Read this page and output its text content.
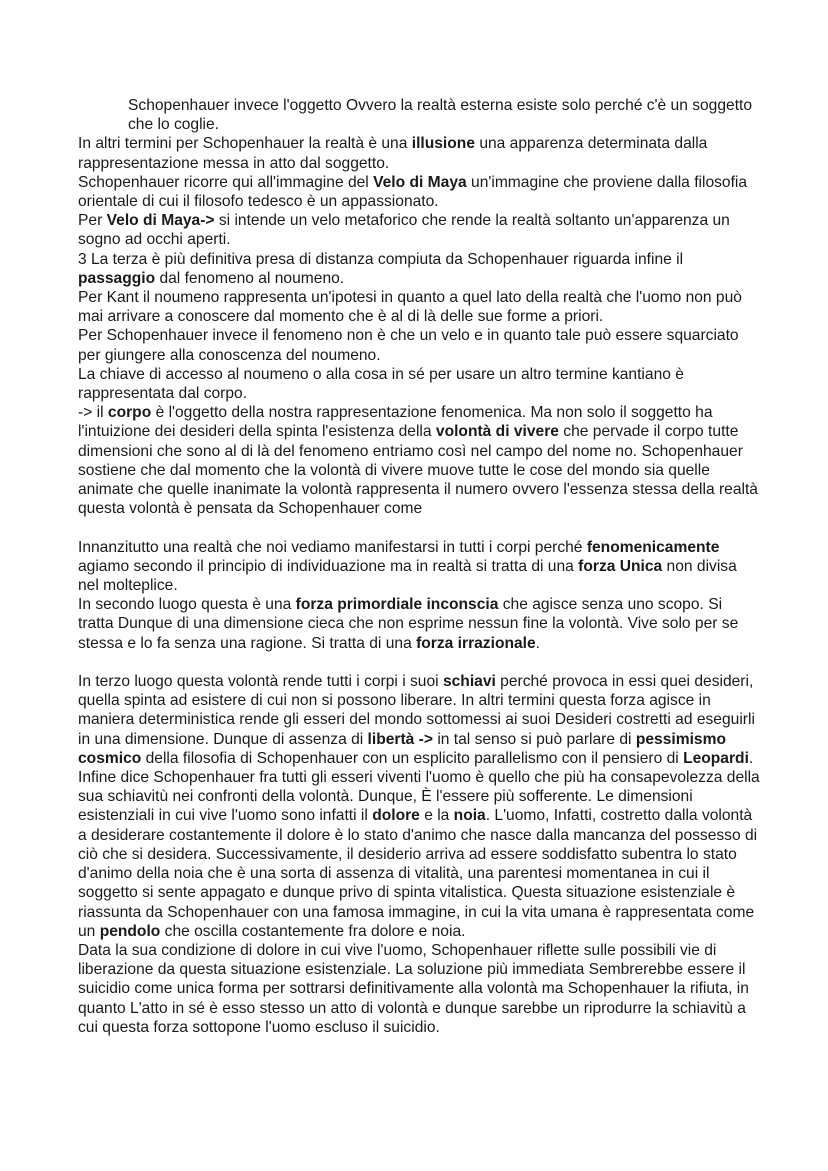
Schopenhauer invece l'oggetto Ovvero la realtà esterna esiste solo perché c'è un soggetto che lo coglie.

In altri termini per Schopenhauer la realtà è una illusione una apparenza determinata dalla rappresentazione messa in atto dal soggetto.

Schopenhauer ricorre qui all'immagine del Velo di Maya un'immagine che proviene dalla filosofia orientale di cui il filosofo tedesco è un appassionato.

Per Velo di Maya-> si intende un velo metaforico che rende la realtà soltanto un'apparenza un sogno ad occhi aperti.

3 La terza è più definitiva presa di distanza compiuta da Schopenhauer riguarda infine il passaggio dal fenomeno al noumeno.

Per Kant il noumeno rappresenta un'ipotesi in quanto a quel lato della realtà che l'uomo non può mai arrivare a conoscere dal momento che è al di là delle sue forme a priori.

Per Schopenhauer invece il fenomeno non è che un velo e in quanto tale può essere squarciato per giungere alla conoscenza del noumeno.

La chiave di accesso al noumeno o alla cosa in sé per usare un altro termine kantiano è rappresentata dal corpo.

-> il corpo è l'oggetto della nostra rappresentazione fenomenica. Ma non solo il soggetto ha l'intuizione dei desideri della spinta l'esistenza della volontà di vivere che pervade il corpo tutte dimensioni che sono al di là del fenomeno entriamo così nel campo del nome no. Schopenhauer sostiene che dal momento che la volontà di vivere muove tutte le cose del mondo sia quelle animate che quelle inanimate la volontà rappresenta il numero ovvero l'essenza stessa della realtà questa volontà è pensata da Schopenhauer come

Innanzitutto una realtà che noi vediamo manifestarsi in tutti i corpi perché fenomenicamente agiamo secondo il principio di individuazione ma in realtà si tratta di una forza Unica non divisa nel molteplice.

In secondo luogo questa è una forza primordiale inconscia che agisce senza uno scopo. Si tratta Dunque di una dimensione cieca che non esprime nessun fine la volontà. Vive solo per se stessa e lo fa senza una ragione. Si tratta di una forza irrazionale.

In terzo luogo questa volontà rende tutti i corpi i suoi schiavi perché provoca in essi quei desideri, quella spinta ad esistere di cui non si possono liberare. In altri termini questa forza agisce in maniera deterministica rende gli esseri del mondo sottomessi ai suoi Desideri costretti ad eseguirli in una dimensione. Dunque di assenza di libertà -> in tal senso si può parlare di pessimismo cosmico della filosofia di Schopenhauer con un esplicito parallelismo con il pensiero di Leopardi.

Infine dice Schopenhauer fra tutti gli esseri viventi l'uomo è quello che più ha consapevolezza della sua schiavitù nei confronti della volontà. Dunque, È l'essere più sofferente. Le dimensioni esistenziali in cui vive l'uomo sono infatti il dolore e la noia. L'uomo, Infatti, costretto dalla volontà a desiderare costantemente il dolore è lo stato d'animo che nasce dalla mancanza del possesso di ciò che si desidera. Successivamente, il desiderio arriva ad essere soddisfatto subentra lo stato d'animo della noia che è una sorta di assenza di vitalità, una parentesi momentanea in cui il soggetto si sente appagato e dunque privo di spinta vitalistica. Questa situazione esistenziale è riassunta da Schopenhauer con una famosa immagine, in cui la vita umana è rappresentata come un pendolo che oscilla costantemente fra dolore e noia.

Data la sua condizione di dolore in cui vive l'uomo, Schopenhauer riflette sulle possibili vie di liberazione da questa situazione esistenziale. La soluzione più immediata Sembrerebbe essere il suicidio come unica forma per sottrarsi definitivamente alla volontà ma Schopenhauer la rifiuta, in quanto L'atto in sé è esso stesso un atto di volontà e dunque sarebbe un riprodurre la schiavitù a cui questa forza sottopone l'uomo escluso il suicidio.
